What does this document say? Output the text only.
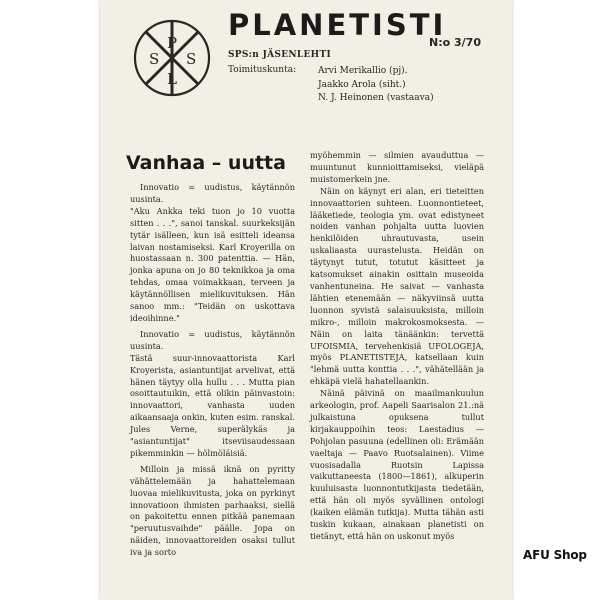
S
P
S
L
PLANETISTI
N:o 3/70
SPS:n JÄSENLEHTI
Toimituskunta: Arvi Merikallio (pj).
Jaakko Arola (siht.)
N. J. Heinonen (vastaava)
Vanhaa – uutta

Innovatio = uudistus, käytännön uusinta.

"Aku Ankka teki tuon jo 10 vuotta sitten . . .", sanoi tanskal. suurkeksijän tytär isälleen, kun isä esitteli ideansa laivan nostamiseksi. Karl Kroyerilla on huostassaan n. 300 patenttia. — Hän, jonka apuna on jo 80 teknikkoa ja oma tehdas, omaa voimakkaan, terveen ja käytännöllisen mielikuvituksen. Hän sanoo mm.: "Teidän on uskottava ideoihinne."

Innovatio = uudistus, käytännön uusinta.

Tästä suur-innovaattorista Karl Kroyerista, asiantuntijat arvelivat, että hänen täytyy olla hullu . . . Mutta pian osoittautuikin, että olikin päinvastoin: innovaattori, vanhasta uuden aikaansaaja onkin, kuten esim. ranskal. Jules Verne, superälykäs ja "asiantuntijat" itseviisaudessaan pikemminkin — hölmöläisiä.

Milloin ja missä iknä on pyritty vähättelemään ja hahattelemaan luovaa mielikuvitusta, joka on pyrkinyt innovatioon ihmisten parhaaksi, siellä on pakoitettu ennen pitkää panemaan "peruutusvaihde" päälle. Jopa on näiden, innovaattoreiden osaksi tullut iva ja sorto

myöhemmin — silmien avauduttua — muuntunut kunnioittamiseksi, vieläpä muistomerkein jne.

Näin on käynyt eri alan, eri tieteitten innovaattorien suhteen. Luonnontieteet, lääketiede, teologia ym. ovat edistyneet noiden vanhan pohjalta uutta luovien henkilöiden uhrautuvasta, usein uskaliaasta uurastelusta. Heidän on täytynyt tutut, totutut käsitteet ja katsomukset ainakin osittain museoida vanhentuneina. He saivat — vanhasta lähtien etenemään — näkyviinsä uutta luonnon syvistä salaisuuksista, milloin mikro-, milloin makrokosmoksesta. — Näin on laita tänäänkin: tervettä UFOISMIA, tervehenkisiä UFOLOGEJA, myös PLANETISTEJA, katsellaan kuin "lehmä uutta konttia . . .", vähätellään ja ehkäpä vielä hahatellaankin.

Näinä päivinä on maailmankuulun arkeologin, prof. Aapeli Saarisalon 21.:nä julkaistuna opuksena tullut kirjakauppoihin teos: Laestadius — Pohjolan pasuuna (edellinen oli: Erämään vaeltaja — Paavo Ruotsalainen). Viime vuosisadalla Ruotsin Lapissa vaikuttaneesta (1800—1861), alkuperin kuuluisasta luonnontutkijasta tiedetään, että hän oli myös syvällinen ontologi (kaiken elämän tutkija). Mutta tähän asti tuskin kukaan, ainakaan planetisti on tietänyt, että hän on uskonut myös

AFU Shop
